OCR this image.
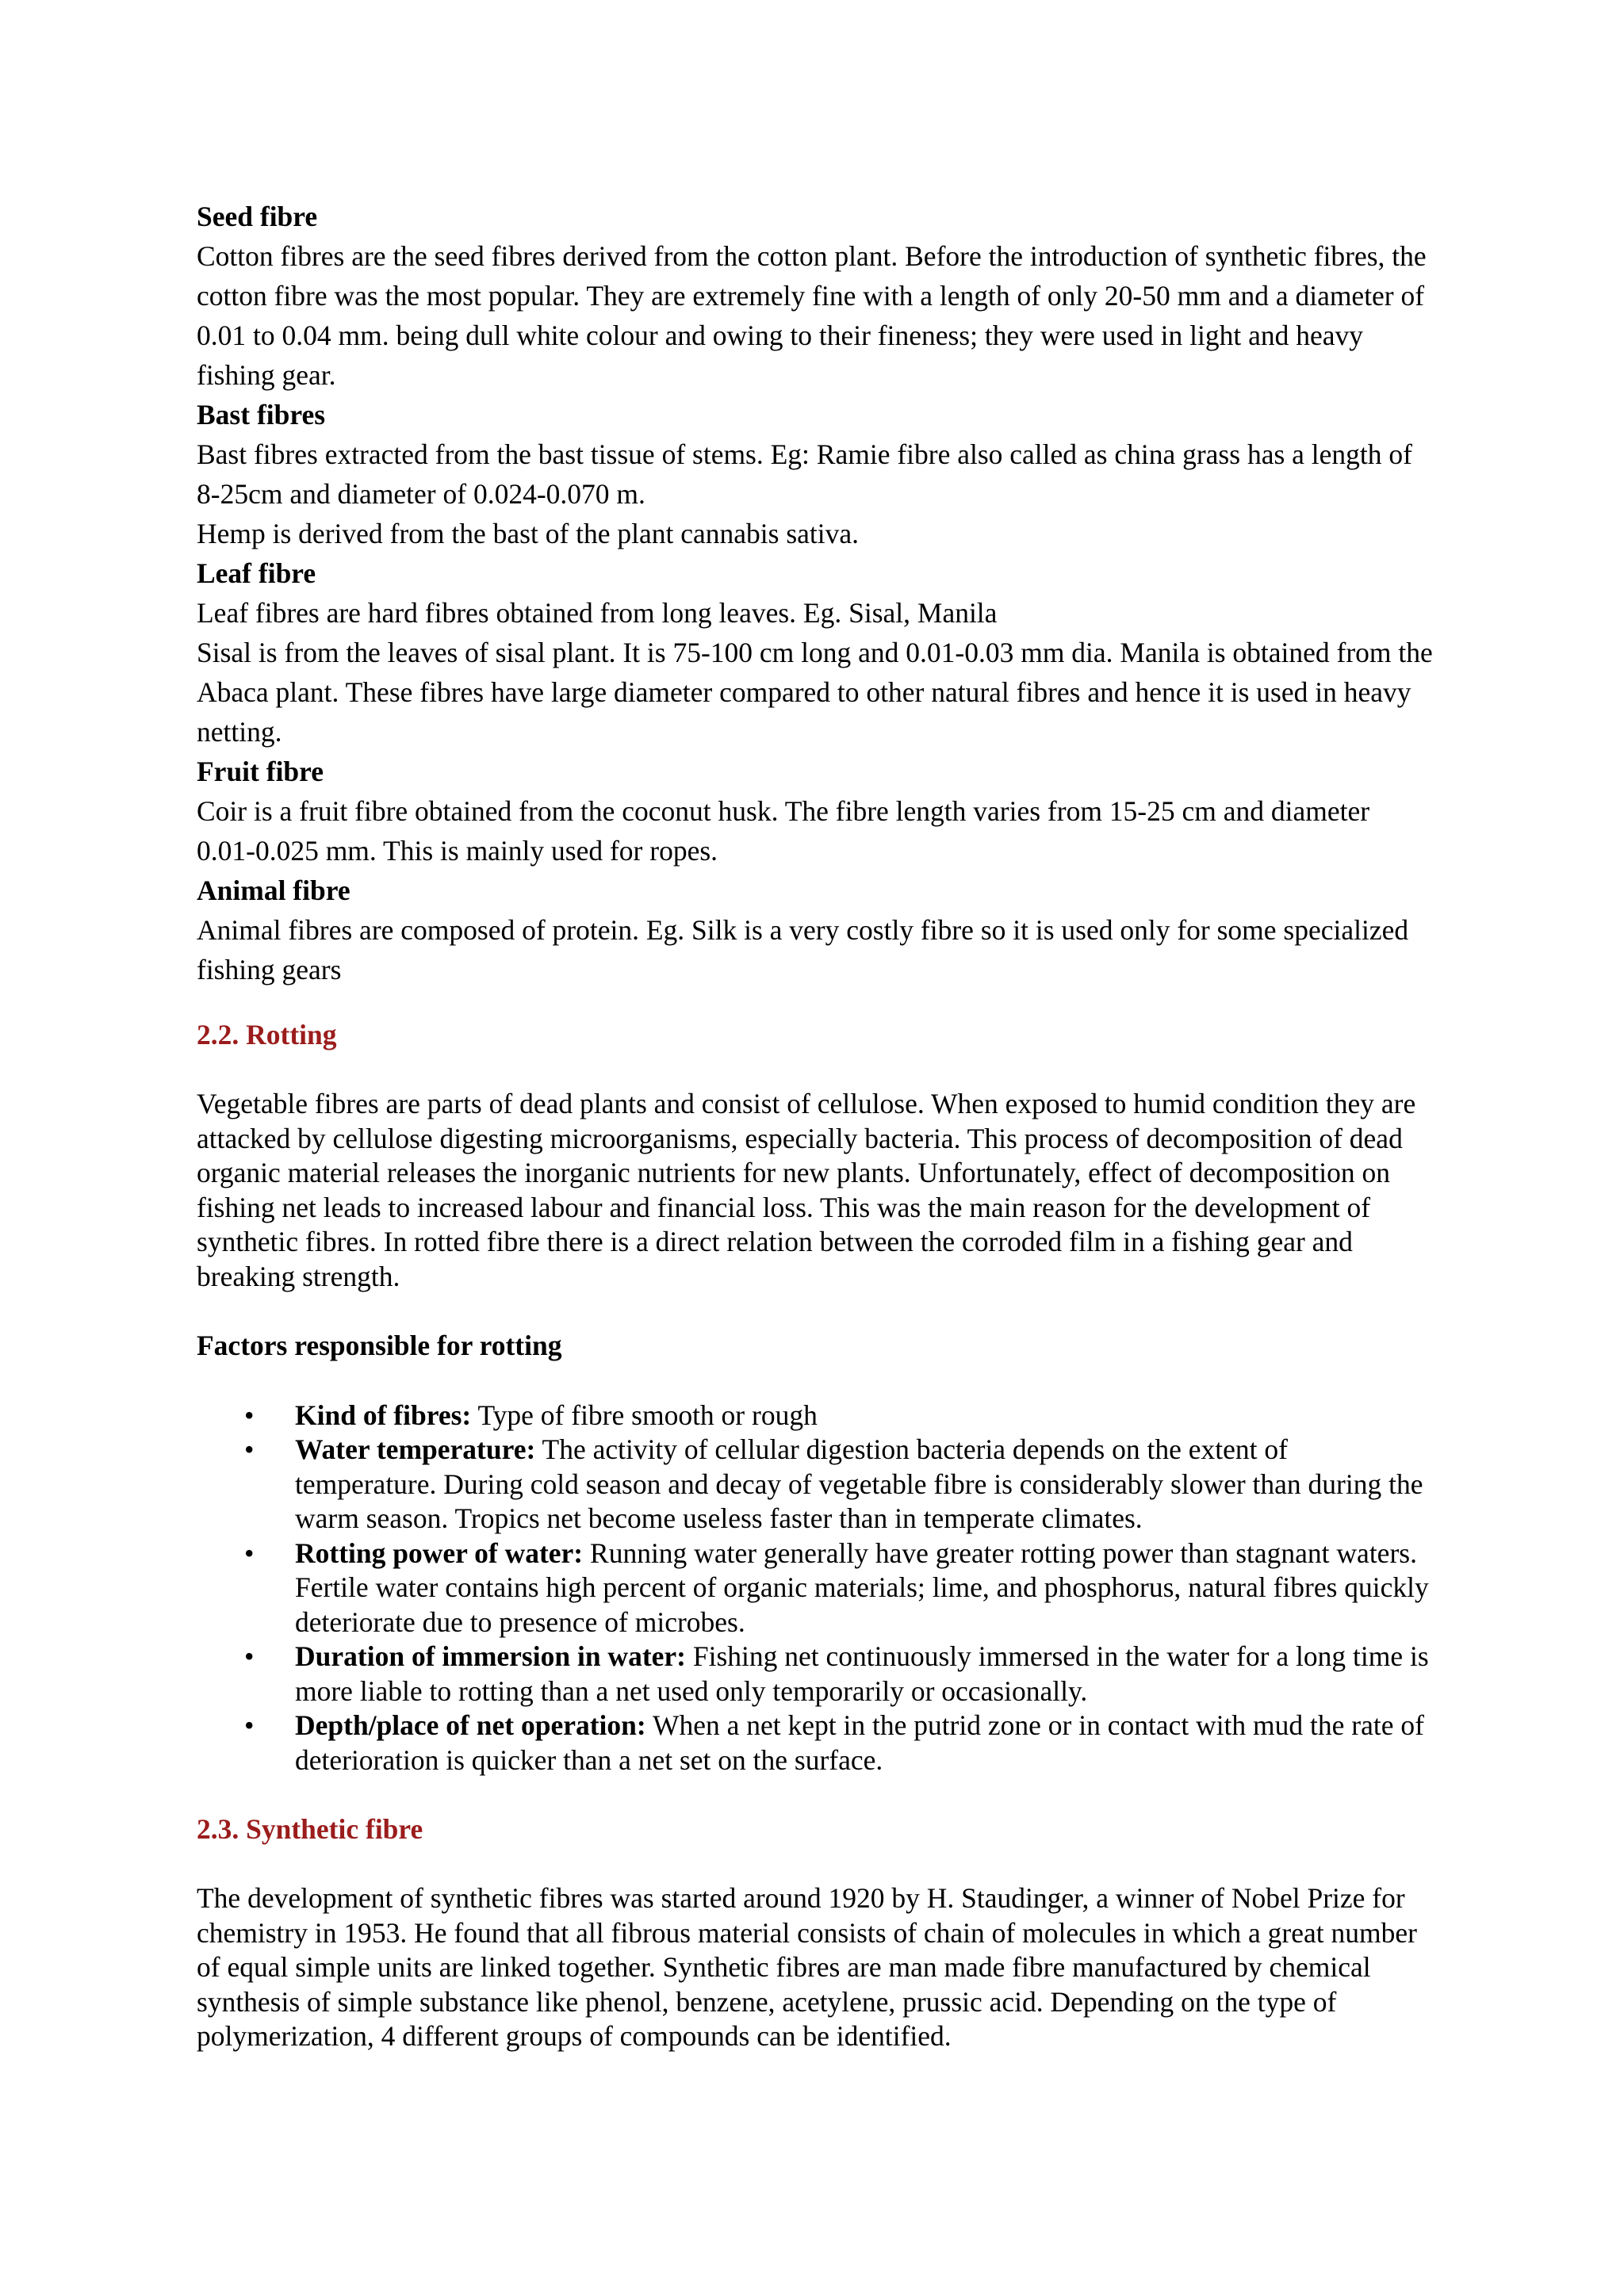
Seed fibre

Cotton fibres are the seed fibres derived from the cotton plant. Before the introduction of synthetic fibres, the cotton fibre was the most popular. They are extremely fine with a length of only 20-50 mm and a diameter of 0.01 to 0.04 mm. being dull white colour and owing to their fineness; they were used in light and heavy fishing gear.

Bast fibres

Bast fibres extracted from the bast tissue of stems. Eg: Ramie fibre also called as china grass has a length of 8-25cm and diameter of 0.024-0.070 m.

Hemp is derived from the bast of the plant cannabis sativa.

Leaf fibre

Leaf fibres are hard fibres obtained from long leaves. Eg. Sisal, Manila

Sisal is from the leaves of sisal plant. It is 75-100 cm long and 0.01-0.03 mm dia. Manila is obtained from the Abaca plant. These fibres have large diameter compared to other natural fibres and hence it is used in heavy netting.

Fruit fibre

Coir is a fruit fibre obtained from the coconut husk. The fibre length varies from 15-25 cm and diameter 0.01-0.025 mm. This is mainly used for ropes.

Animal fibre

Animal fibres are composed of protein. Eg. Silk is a very costly fibre so it is used only for some specialized fishing gears

2.2. Rotting

Vegetable fibres are parts of dead plants and consist of cellulose. When exposed to humid condition they are attacked by cellulose digesting microorganisms, especially bacteria. This process of decomposition of dead organic material releases the inorganic nutrients for new plants. Unfortunately, effect of decomposition on fishing net leads to increased labour and financial loss. This was the main reason for the development of synthetic fibres. In rotted fibre there is a direct relation between the corroded film in a fishing gear and breaking strength.

Factors responsible for rotting

• Kind of fibres: Type of fibre smooth or rough
• Water temperature: The activity of cellular digestion bacteria depends on the extent of temperature. During cold season and decay of vegetable fibre is considerably slower than during the warm season. Tropics net become useless faster than in temperate climates.
• Rotting power of water: Running water generally have greater rotting power than stagnant waters. Fertile water contains high percent of organic materials; lime, and phosphorus, natural fibres quickly deteriorate due to presence of microbes.
• Duration of immersion in water: Fishing net continuously immersed in the water for a long time is more liable to rotting than a net used only temporarily or occasionally.
• Depth/place of net operation: When a net kept in the putrid zone or in contact with mud the rate of deterioration is quicker than a net set on the surface.
2.3. Synthetic fibre

The development of synthetic fibres was started around 1920 by H. Staudinger, a winner of Nobel Prize for chemistry in 1953. He found that all fibrous material consists of chain of molecules in which a great number of equal simple units are linked together. Synthetic fibres are man made fibre manufactured by chemical synthesis of simple substance like phenol, benzene, acetylene, prussic acid. Depending on the type of polymerization, 4 different groups of compounds can be identified.
